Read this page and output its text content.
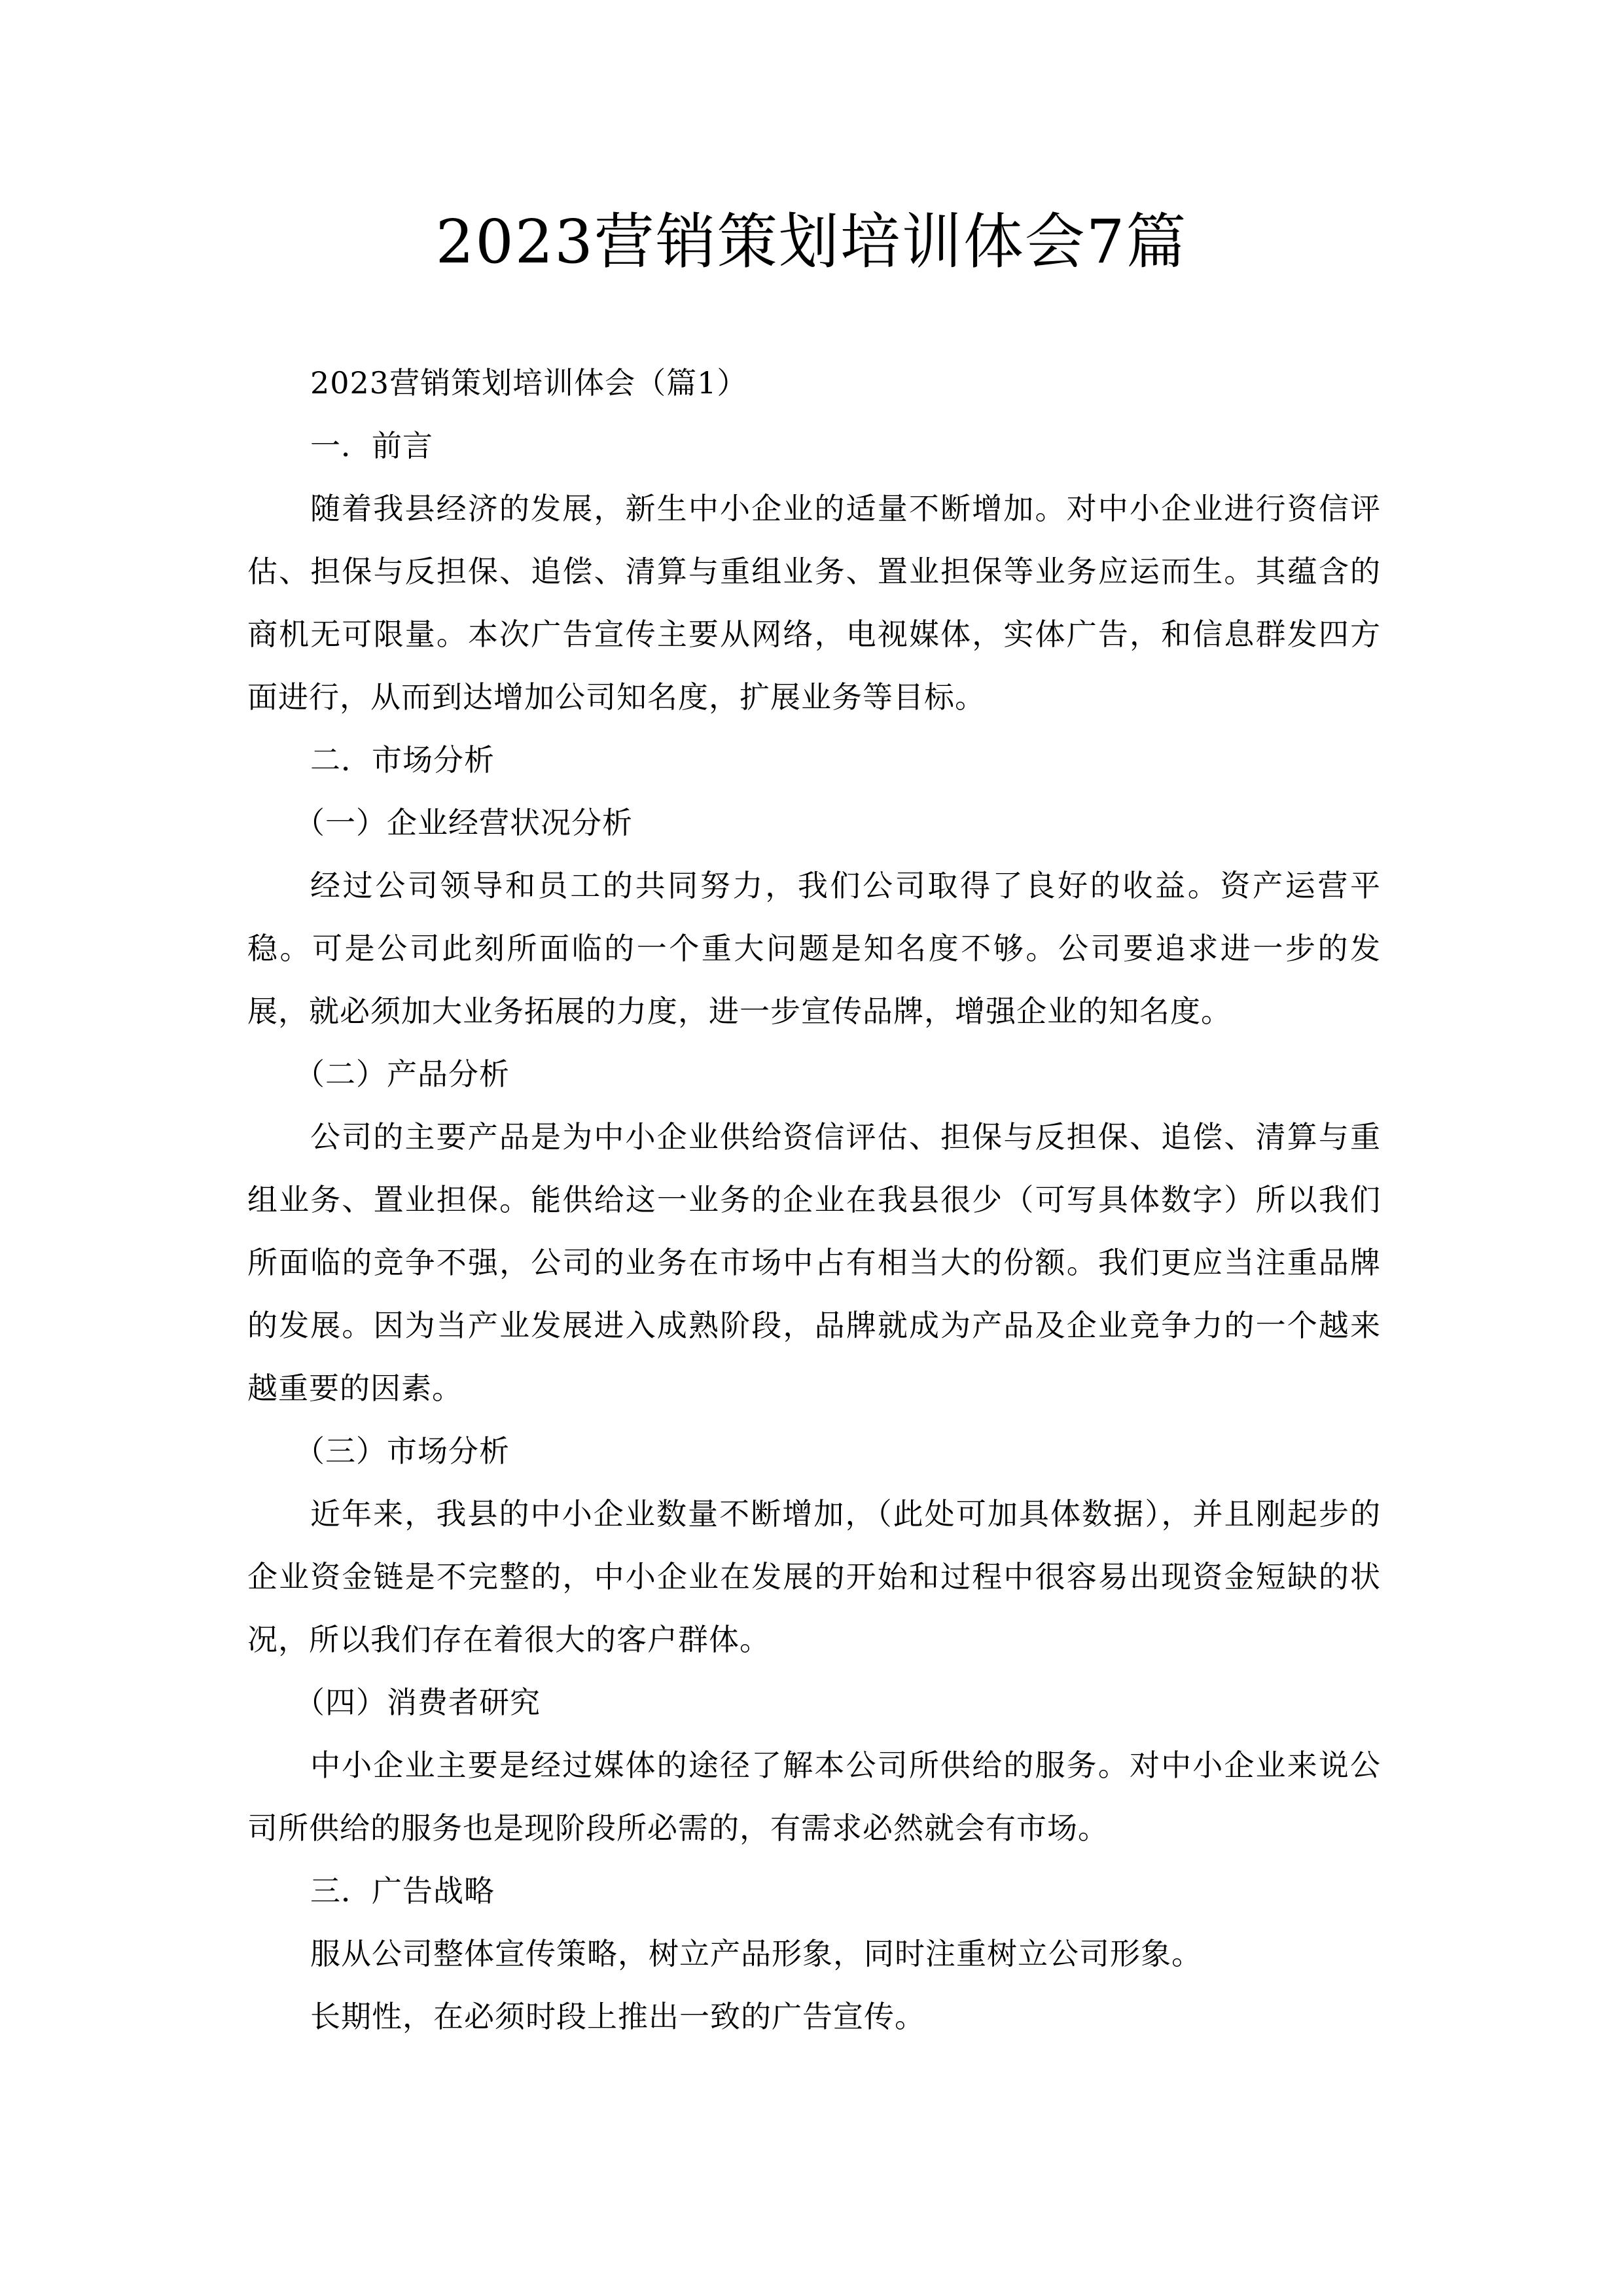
2023营销策划培训体会7篇

2023营销策划培训体会（篇1）

一．前言

随着我县经济的发展，新生中小企业的适量不断增加。对中小企业进行资信评估、担保与反担保、追偿、清算与重组业务、置业担保等业务应运而生。其蕴含的商机无可限量。本次广告宣传主要从网络，电视媒体，实体广告，和信息群发四方面进行，从而到达增加公司知名度，扩展业务等目标。

二．市场分析

（一）企业经营状况分析

经过公司领导和员工的共同努力，我们公司取得了良好的收益。资产运营平稳。可是公司此刻所面临的一个重大问题是知名度不够。公司要追求进一步的发展，就必须加大业务拓展的力度，进一步宣传品牌，增强企业的知名度。

（二）产品分析

公司的主要产品是为中小企业供给资信评估、担保与反担保、追偿、清算与重组业务、置业担保。能供给这一业务的企业在我县很少（可写具体数字）所以我们所面临的竞争不强，公司的业务在市场中占有相当大的份额。我们更应当注重品牌的发展。因为当产业发展进入成熟阶段，品牌就成为产品及企业竞争力的一个越来越重要的因素。

（三）市场分析

近年来，我县的中小企业数量不断增加，（此处可加具体数据），并且刚起步的企业资金链是不完整的，中小企业在发展的开始和过程中很容易出现资金短缺的状况，所以我们存在着很大的客户群体。

（四）消费者研究

中小企业主要是经过媒体的途径了解本公司所供给的服务。对中小企业来说公司所供给的服务也是现阶段所必需的，有需求必然就会有市场。

三．广告战略

服从公司整体宣传策略，树立产品形象，同时注重树立公司形象。

长期性，在必须时段上推出一致的广告宣传。
